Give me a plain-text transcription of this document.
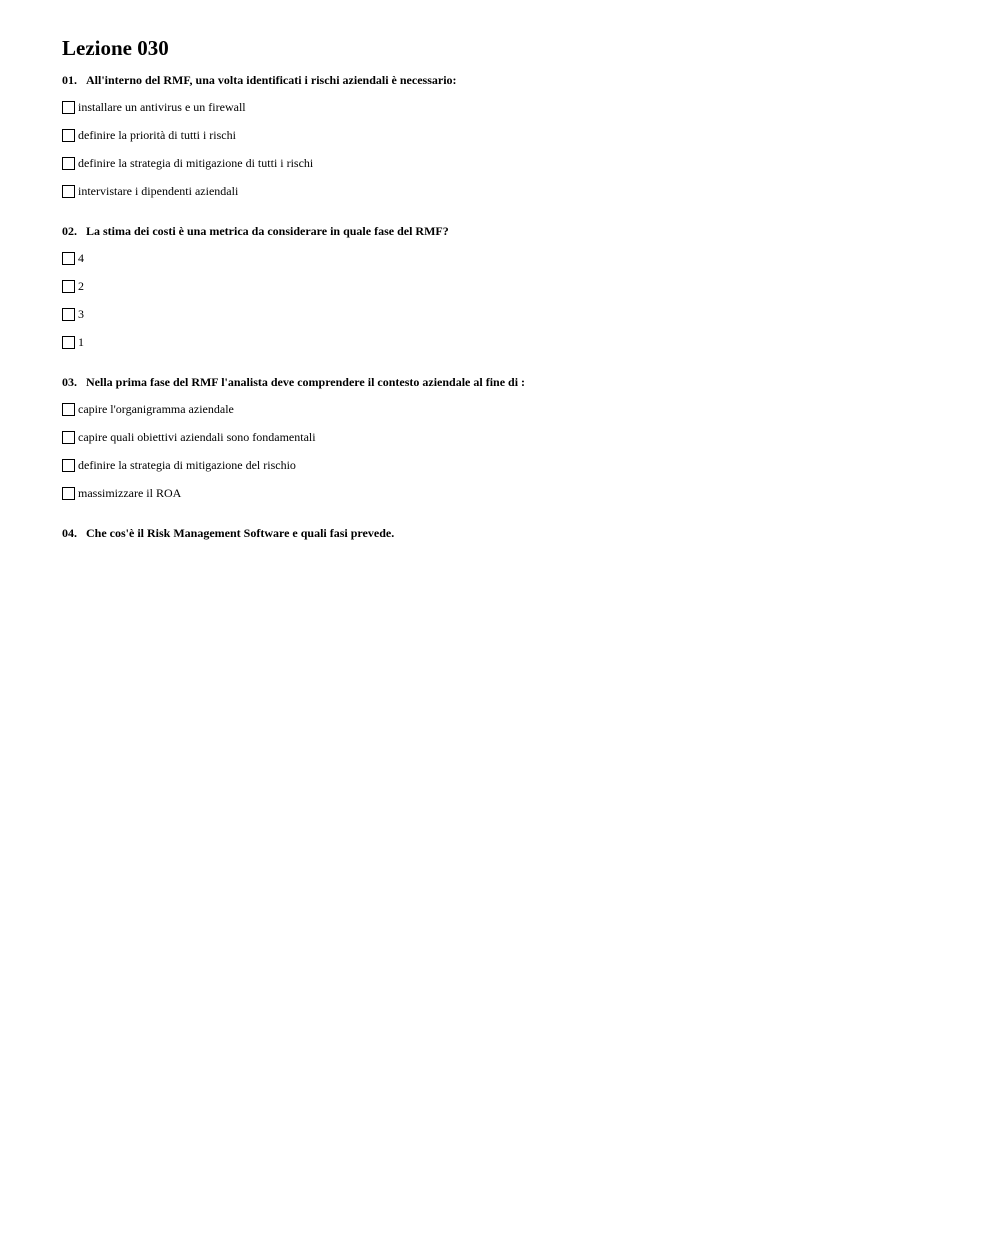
Lezione 030
01. All'interno del RMF, una volta identificati i rischi aziendali è necessario:
installare un antivirus e un firewall
definire la priorità di tutti i rischi
definire la strategia di mitigazione di tutti i rischi
intervistare i dipendenti aziendali
02. La stima dei costi è una metrica da considerare in quale fase del RMF?
4
2
3
1
03. Nella prima fase del RMF l'analista deve comprendere il contesto aziendale al fine di :
capire l'organigramma aziendale
capire quali obiettivi aziendali sono fondamentali
definire la strategia di mitigazione del rischio
massimizzare il ROA
04. Che cos'è il Risk Management Software e quali fasi prevede.
